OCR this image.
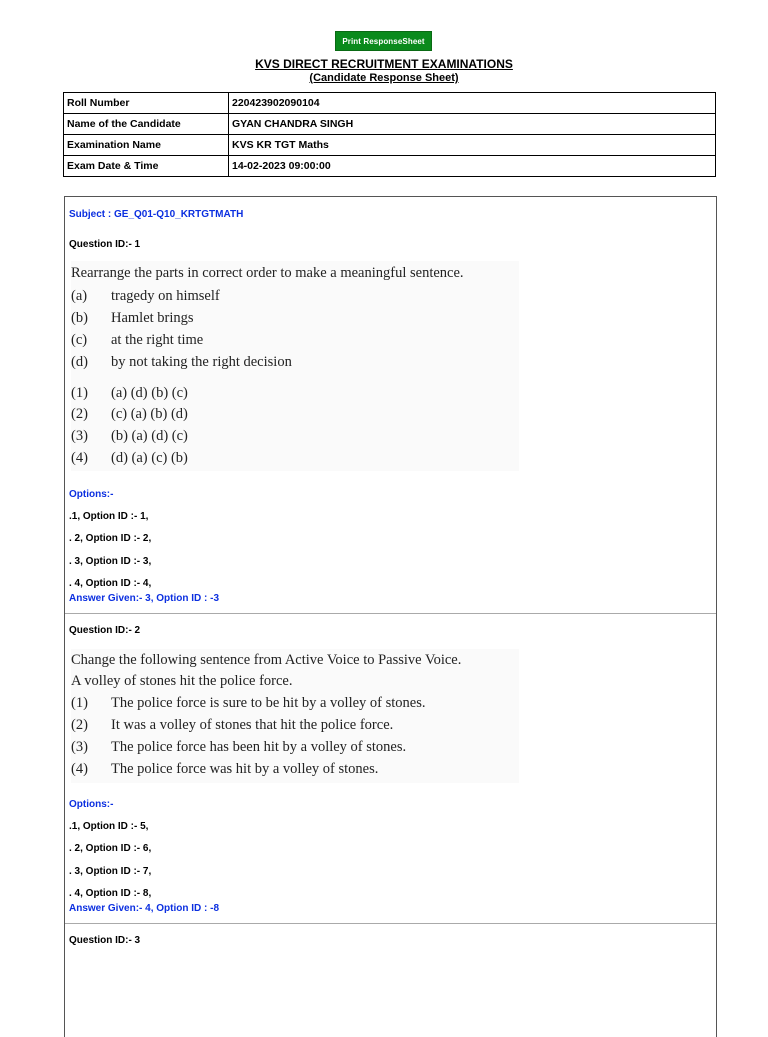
Print ResponseSheet
KVS DIRECT RECRUITMENT EXAMINATIONS
(Candidate Response Sheet)
Roll Number	220423902090104
Name of the Candidate	GYAN CHANDRA SINGH
Examination Name	KVS KR TGT Maths
Exam Date & Time	14-02-2023 09:00:00
Subject : GE_Q01-Q10_KRTGTMATH
Question ID:- 1
Rearrange the parts in correct order to make a meaningful sentence.
(a) tragedy on himself
(b) Hamlet brings
(c) at the right time
(d) by not taking the right decision
(1) (a) (d) (b) (c)
(2) (c) (a) (b) (d)
(3) (b) (a) (d) (c)
(4) (d) (a) (c) (b)
Options:-
.1, Option ID :- 1,
. 2, Option ID :- 2,
. 3, Option ID :- 3,
. 4, Option ID :- 4,
Answer Given:- 3, Option ID : -3
Question ID:- 2
Change the following sentence from Active Voice to Passive Voice.
A volley of stones hit the police force.
(1) The police force is sure to be hit by a volley of stones.
(2) It was a volley of stones that hit the police force.
(3) The police force has been hit by a volley of stones.
(4) The police force was hit by a volley of stones.
Options:-
.1, Option ID :- 5,
. 2, Option ID :- 6,
. 3, Option ID :- 7,
. 4, Option ID :- 8,
Answer Given:- 4, Option ID : -8
Question ID:- 3
